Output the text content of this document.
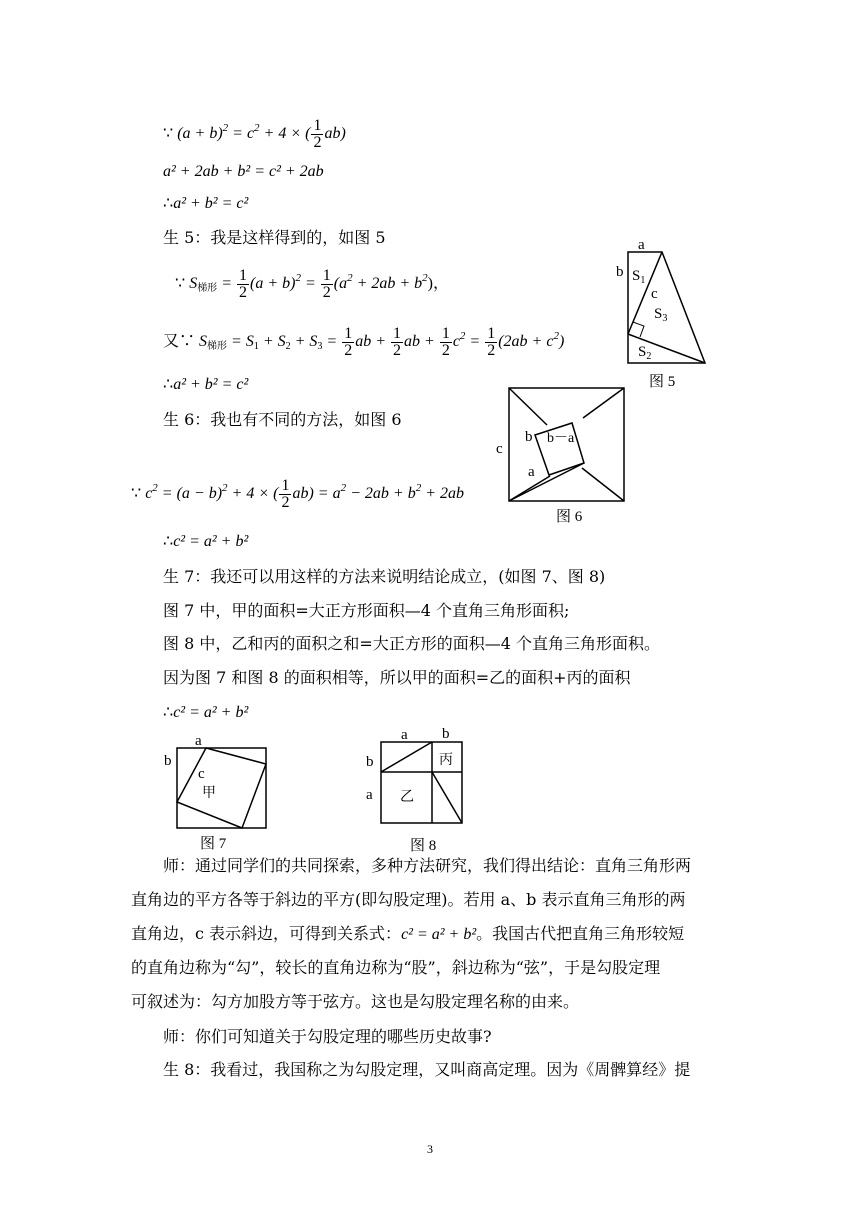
∵ $(a + b)^2 = c^2 + 4$ × ( $\frac{1}{2} ab$)
a² + 2ab + b² = c² + 2ab
∴a² + b² = c²
生 5：我是这样得到的，如图 5
∵ $S_{梯形} = \frac{1}{2} (a + b)^2 = \frac{1}{2} (a^2 + 2ab + b^2)$，
又∵ $S_{梯形} = S_1 + S_2 + S_3 = \frac{1}{2}$ ab + $\frac{1}{2}$ ab + $\frac{1}{2} c^2 = \frac{1}{2} (2ab + c^2)$
∴a² + b² = c²
生 6：我也有不同的方法，如图 6
∵ $c^2 = (a - b)^2 + 4$ × ( $\frac{1}{2} ab) = a^2 - 2ab + b^2 + 2ab$
∴c² = a² + b²
生 7：我还可以用这样的方法来说明结论成立，(如图 7、图 8)
图 7 中，甲的面积=大正方形面积—4 个直角三角形面积;
图 8 中，乙和丙的面积之和=大正方形的面积—4 个直角三角形面积。
因为图 7 和图 8 的面积相等，所以甲的面积=乙的面积+丙的面积
∴c² = a² + b²
师：通过同学们的共同探索，多种方法研究，我们得出结论：直角三角形两
直角边的平方各等于斜边的平方(即勾股定理)。若用 a、b 表示直角三角形的两
直角边，c 表示斜边，可得到关系式：c² = a² + b²。我国古代把直角三角形较短
的直角边称为“勾”，较长的直角边称为“股”，斜边称为“弦”，于是勾股定理
可叙述为：勾方加股方等于弦方。这也是勾股定理名称的由来。
师：你们可知道关于勾股定理的哪些历史故事?
生 8：我看过，我国称之为勾股定理，又叫商高定理。因为《周髀算经》提
a
b $S_1$
c
$S_3$
$S_2$
图 5
c
b b－a
a
图 6
a
b
c
甲
图 7
a b
b
a 乙
丙
图 8
3
